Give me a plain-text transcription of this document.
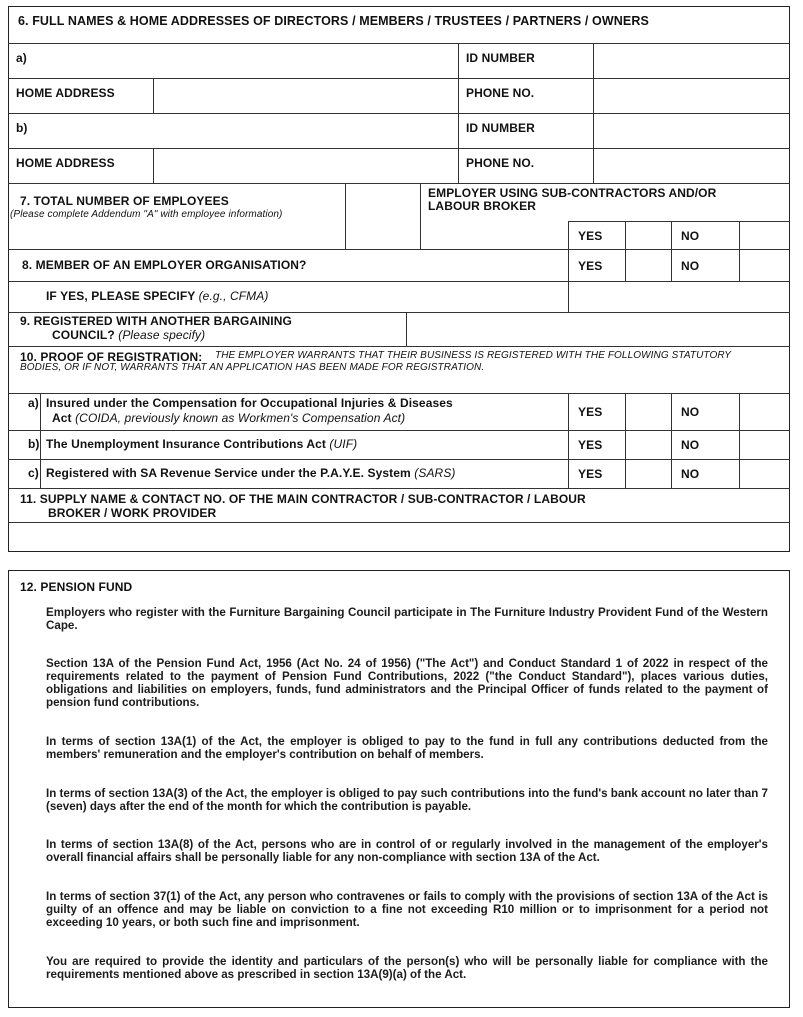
6. FULL NAMES & HOME ADDRESSES OF DIRECTORS / MEMBERS / TRUSTEES / PARTNERS / OWNERS
a)	ID NUMBER
HOME ADDRESS	PHONE NO.
b)	ID NUMBER
HOME ADDRESS	PHONE NO.
7. TOTAL NUMBER OF EMPLOYEES
(Please complete Addendum "A" with employee information)
EMPLOYER USING SUB-CONTRACTORS AND/OR LABOUR BROKER
YES	NO
8. MEMBER OF AN EMPLOYER ORGANISATION?	YES	NO
IF YES, PLEASE SPECIFY (e.g., CFMA)
9. REGISTERED WITH ANOTHER BARGAINING
COUNCIL? (Please specify)
10. PROOF OF REGISTRATION:	THE EMPLOYER WARRANTS THAT THEIR BUSINESS IS REGISTERED WITH THE FOLLOWING STATUTORY BODIES, OR IF NOT, WARRANTS THAT AN APPLICATION HAS BEEN MADE FOR REGISTRATION.
a) Insured under the Compensation for Occupational Injuries & Diseases
Act (COIDA, previously known as Workmen's Compensation Act)	YES	NO
b) The Unemployment Insurance Contributions Act (UIF)	YES	NO
c) Registered with SA Revenue Service under the P.A.Y.E. System (SARS)	YES	NO
11. SUPPLY NAME & CONTACT NO. OF THE MAIN CONTRACTOR / SUB-CONTRACTOR / LABOUR
BROKER / WORK PROVIDER
12. PENSION FUND
Employers who register with the Furniture Bargaining Council participate in The Furniture Industry Provident Fund of the Western Cape.
Section 13A of the Pension Fund Act, 1956 (Act No. 24 of 1956) ("The Act") and Conduct Standard 1 of 2022 in respect of the requirements related to the payment of Pension Fund Contributions, 2022 ("the Conduct Standard"), places various duties, obligations and liabilities on employers, funds, fund administrators and the Principal Officer of funds related to the payment of pension fund contributions.
In terms of section 13A(1) of the Act, the employer is obliged to pay to the fund in full any contributions deducted from the members' remuneration and the employer's contribution on behalf of members.
In terms of section 13A(3) of the Act, the employer is obliged to pay such contributions into the fund's bank account no later than 7 (seven) days after the end of the month for which the contribution is payable.
In terms of section 13A(8) of the Act, persons who are in control of or regularly involved in the management of the employer's overall financial affairs shall be personally liable for any non-compliance with section 13A of the Act.
In terms of section 37(1) of the Act, any person who contravenes or fails to comply with the provisions of section 13A of the Act is guilty of an offence and may be liable on conviction to a fine not exceeding R10 million or to imprisonment for a period not exceeding 10 years, or both such fine and imprisonment.
You are required to provide the identity and particulars of the person(s) who will be personally liable for compliance with the requirements mentioned above as prescribed in section 13A(9)(a) of the Act.
